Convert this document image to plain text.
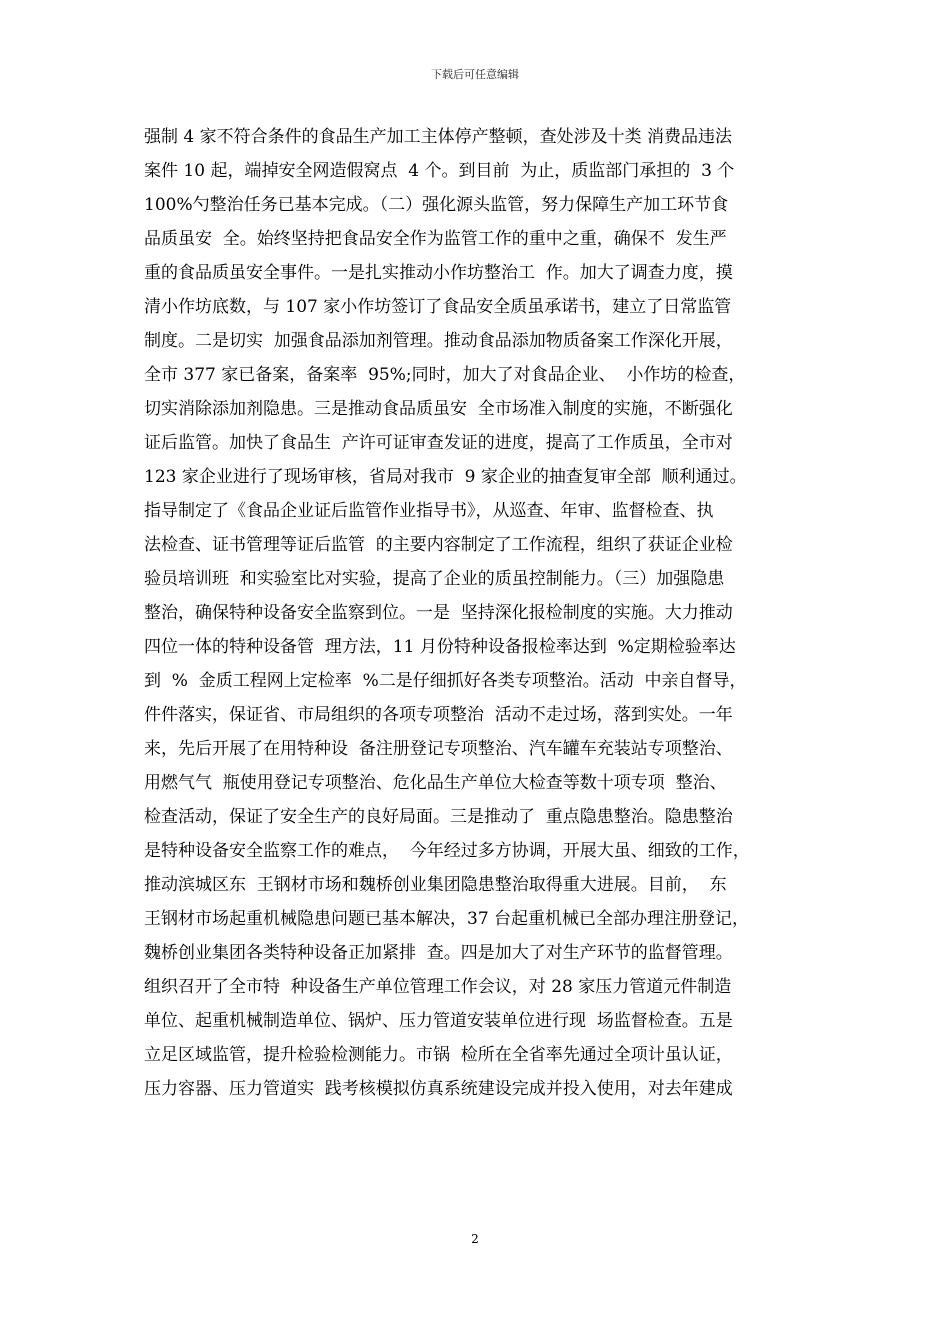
下载后可任意编辑
强制 4 家不符合条件的食品生产加工主体停产整顿，查处涉及十类 消费品违法
案件 10 起，端掉安全网造假窝点  4 个。到目前  为止，质监部门承担的  3 个
100%勺整治任务已基本完成。（二）强化源头监管，努力保障生产加工环节食
品质虽安  全。始终坚持把食品安全作为监管工作的重中之重，确保不  发生严
重的食品质虽安全事件。一是扎实推动小作坊整治工  作。加大了调查力度，摸
清小作坊底数，与 107 家小作坊签订了食品安全质虽承诺书，建立了日常监管
制度。二是切实  加强食品添加剂管理。推动食品添加物质备案工作深化开展，
全市 377 家已备案，备案率  95%;同时，加大了对食品企业、  小作坊的检查，
切实消除添加剂隐患。三是推动食品质虽安  全市场准入制度的实施，不断强化
证后监管。加快了食品生  产许可证审查发证的进度，提高了工作质虽，全市对
123 家企业进行了现场审核，省局对我市  9 家企业的抽查复审全部  顺利通过。
指导制定了《食品企业证后监管作业指导书》，从巡查、年审、监督检查、执
法检查、证书管理等证后监管  的主要内容制定了工作流程，组织了获证企业检
验员培训班  和实验室比对实验，提高了企业的质虽控制能力。（三）加强隐患
整治，确保特种设备安全监察到位。一是  坚持深化报检制度的实施。大力推动
四位一体的特种设备管  理方法，11 月份特种设备报检率达到  %定期检验率达
到  %  金质工程网上定检率  %二是仔细抓好各类专项整治。活动  中亲自督导，
件件落实，保证省、市局组织的各项专项整治  活动不走过场，落到实处。一年
来，先后开展了在用特种设  备注册登记专项整治、汽车罐车充装站专项整治、
用燃气气  瓶使用登记专项整治、危化品生产单位大检查等数十项专项  整治、
检查活动，保证了安全生产的良好局面。三是推动了  重点隐患整治。隐患整治
是特种设备安全监察工作的难点，  今年经过多方协调，开展大虽、细致的工作，
推动滨城区东  王钢材市场和魏桥创业集团隐患整治取得重大进展。目前，  东
王钢材市场起重机械隐患问题已基本解决，37 台起重机械已全部办理注册登记，
魏桥创业集团各类特种设备正加紧排  查。四是加大了对生产环节的监督管理。
组织召开了全市特  种设备生产单位管理工作会议，对 28 家压力管道元件制造
单位、起重机械制造单位、锅炉、压力管道安装单位进行现  场监督检查。五是
立足区域监管，提升检验检测能力。市锅  检所在全省率先通过全项计虽认证，
压力容器、压力管道实  践考核模拟仿真系统建设完成并投入使用，对去年建成
2
